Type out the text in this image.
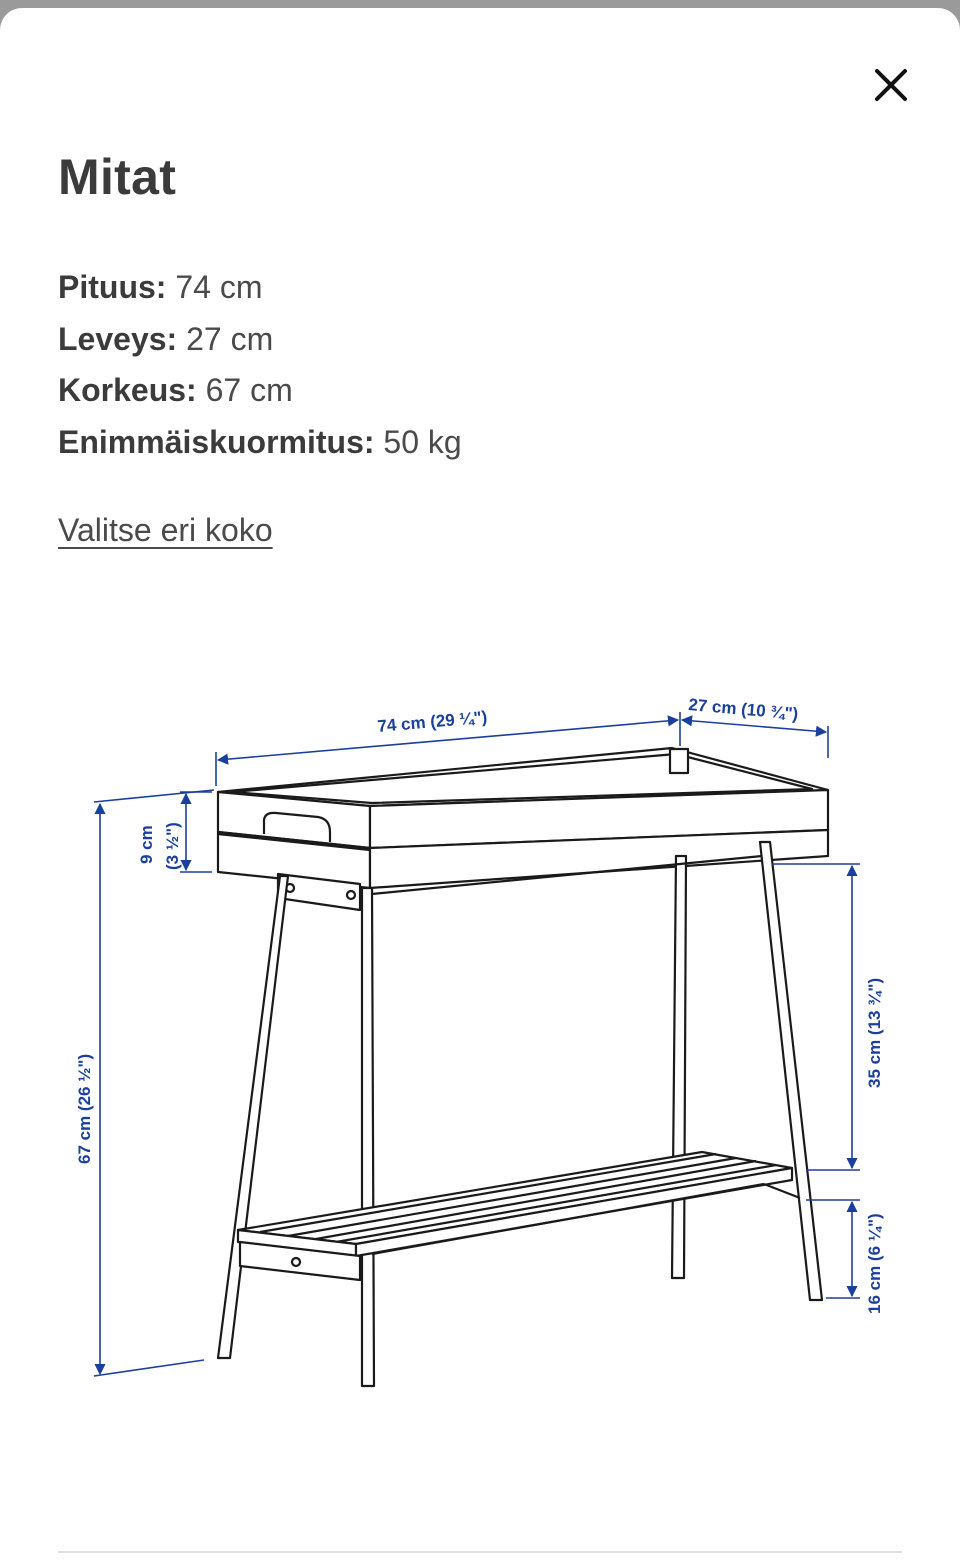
Mitat
Pituus: 74 cm
Leveys: 27 cm
Korkeus: 67 cm
Enimmäiskuormitus: 50 kg
Valitse eri koko
74 cm (29 ¼")	27 cm (10 ¾")
9 cm (3 ½")
67 cm (26 ½")
35 cm (13 ¾")
16 cm (6 ¼")
